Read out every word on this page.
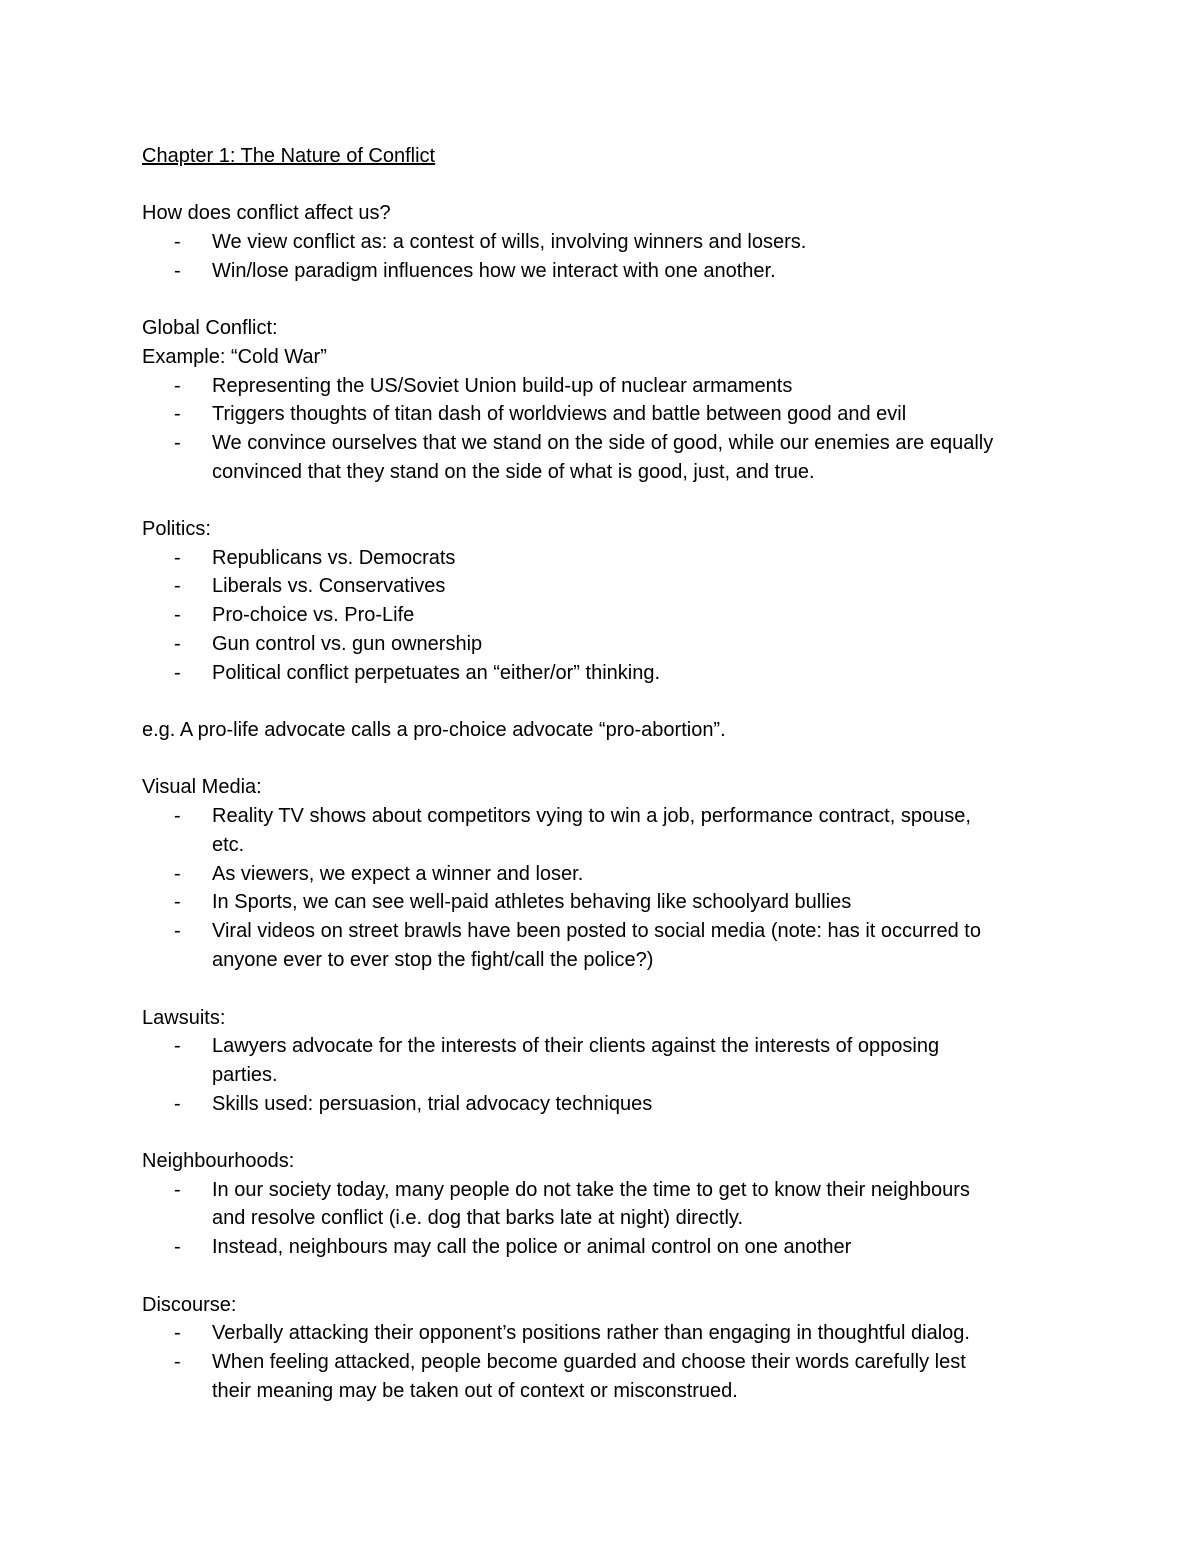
Chapter 1: The Nature of Conflict
How does conflict affect us?
- We view conflict as: a contest of wills, involving winners and losers.
- Win/lose paradigm influences how we interact with one another.
Global Conflict:
Example: “Cold War”
- Representing the US/Soviet Union build-up of nuclear armaments
- Triggers thoughts of titan dash of worldviews and battle between good and evil
- We convince ourselves that we stand on the side of good, while our enemies are equally
convinced that they stand on the side of what is good, just, and true.
Politics:
- Republicans vs. Democrats
- Liberals vs. Conservatives
- Pro-choice vs. Pro-Life
- Gun control vs. gun ownership
- Political conflict perpetuates an “either/or” thinking.
e.g. A pro-life advocate calls a pro-choice advocate “pro-abortion”.
Visual Media:
- Reality TV shows about competitors vying to win a job, performance contract, spouse,
etc.
- As viewers, we expect a winner and loser.
- In Sports, we can see well-paid athletes behaving like schoolyard bullies
- Viral videos on street brawls have been posted to social media (note: has it occurred to
anyone ever to ever stop the fight/call the police?)
Lawsuits:
- Lawyers advocate for the interests of their clients against the interests of opposing
parties.
- Skills used: persuasion, trial advocacy techniques
Neighbourhoods:
- In our society today, many people do not take the time to get to know their neighbours
and resolve conflict (i.e. dog that barks late at night) directly.
- Instead, neighbours may call the police or animal control on one another
Discourse:
- Verbally attacking their opponent’s positions rather than engaging in thoughtful dialog.
- When feeling attacked, people become guarded and choose their words carefully lest
their meaning may be taken out of context or misconstrued.
